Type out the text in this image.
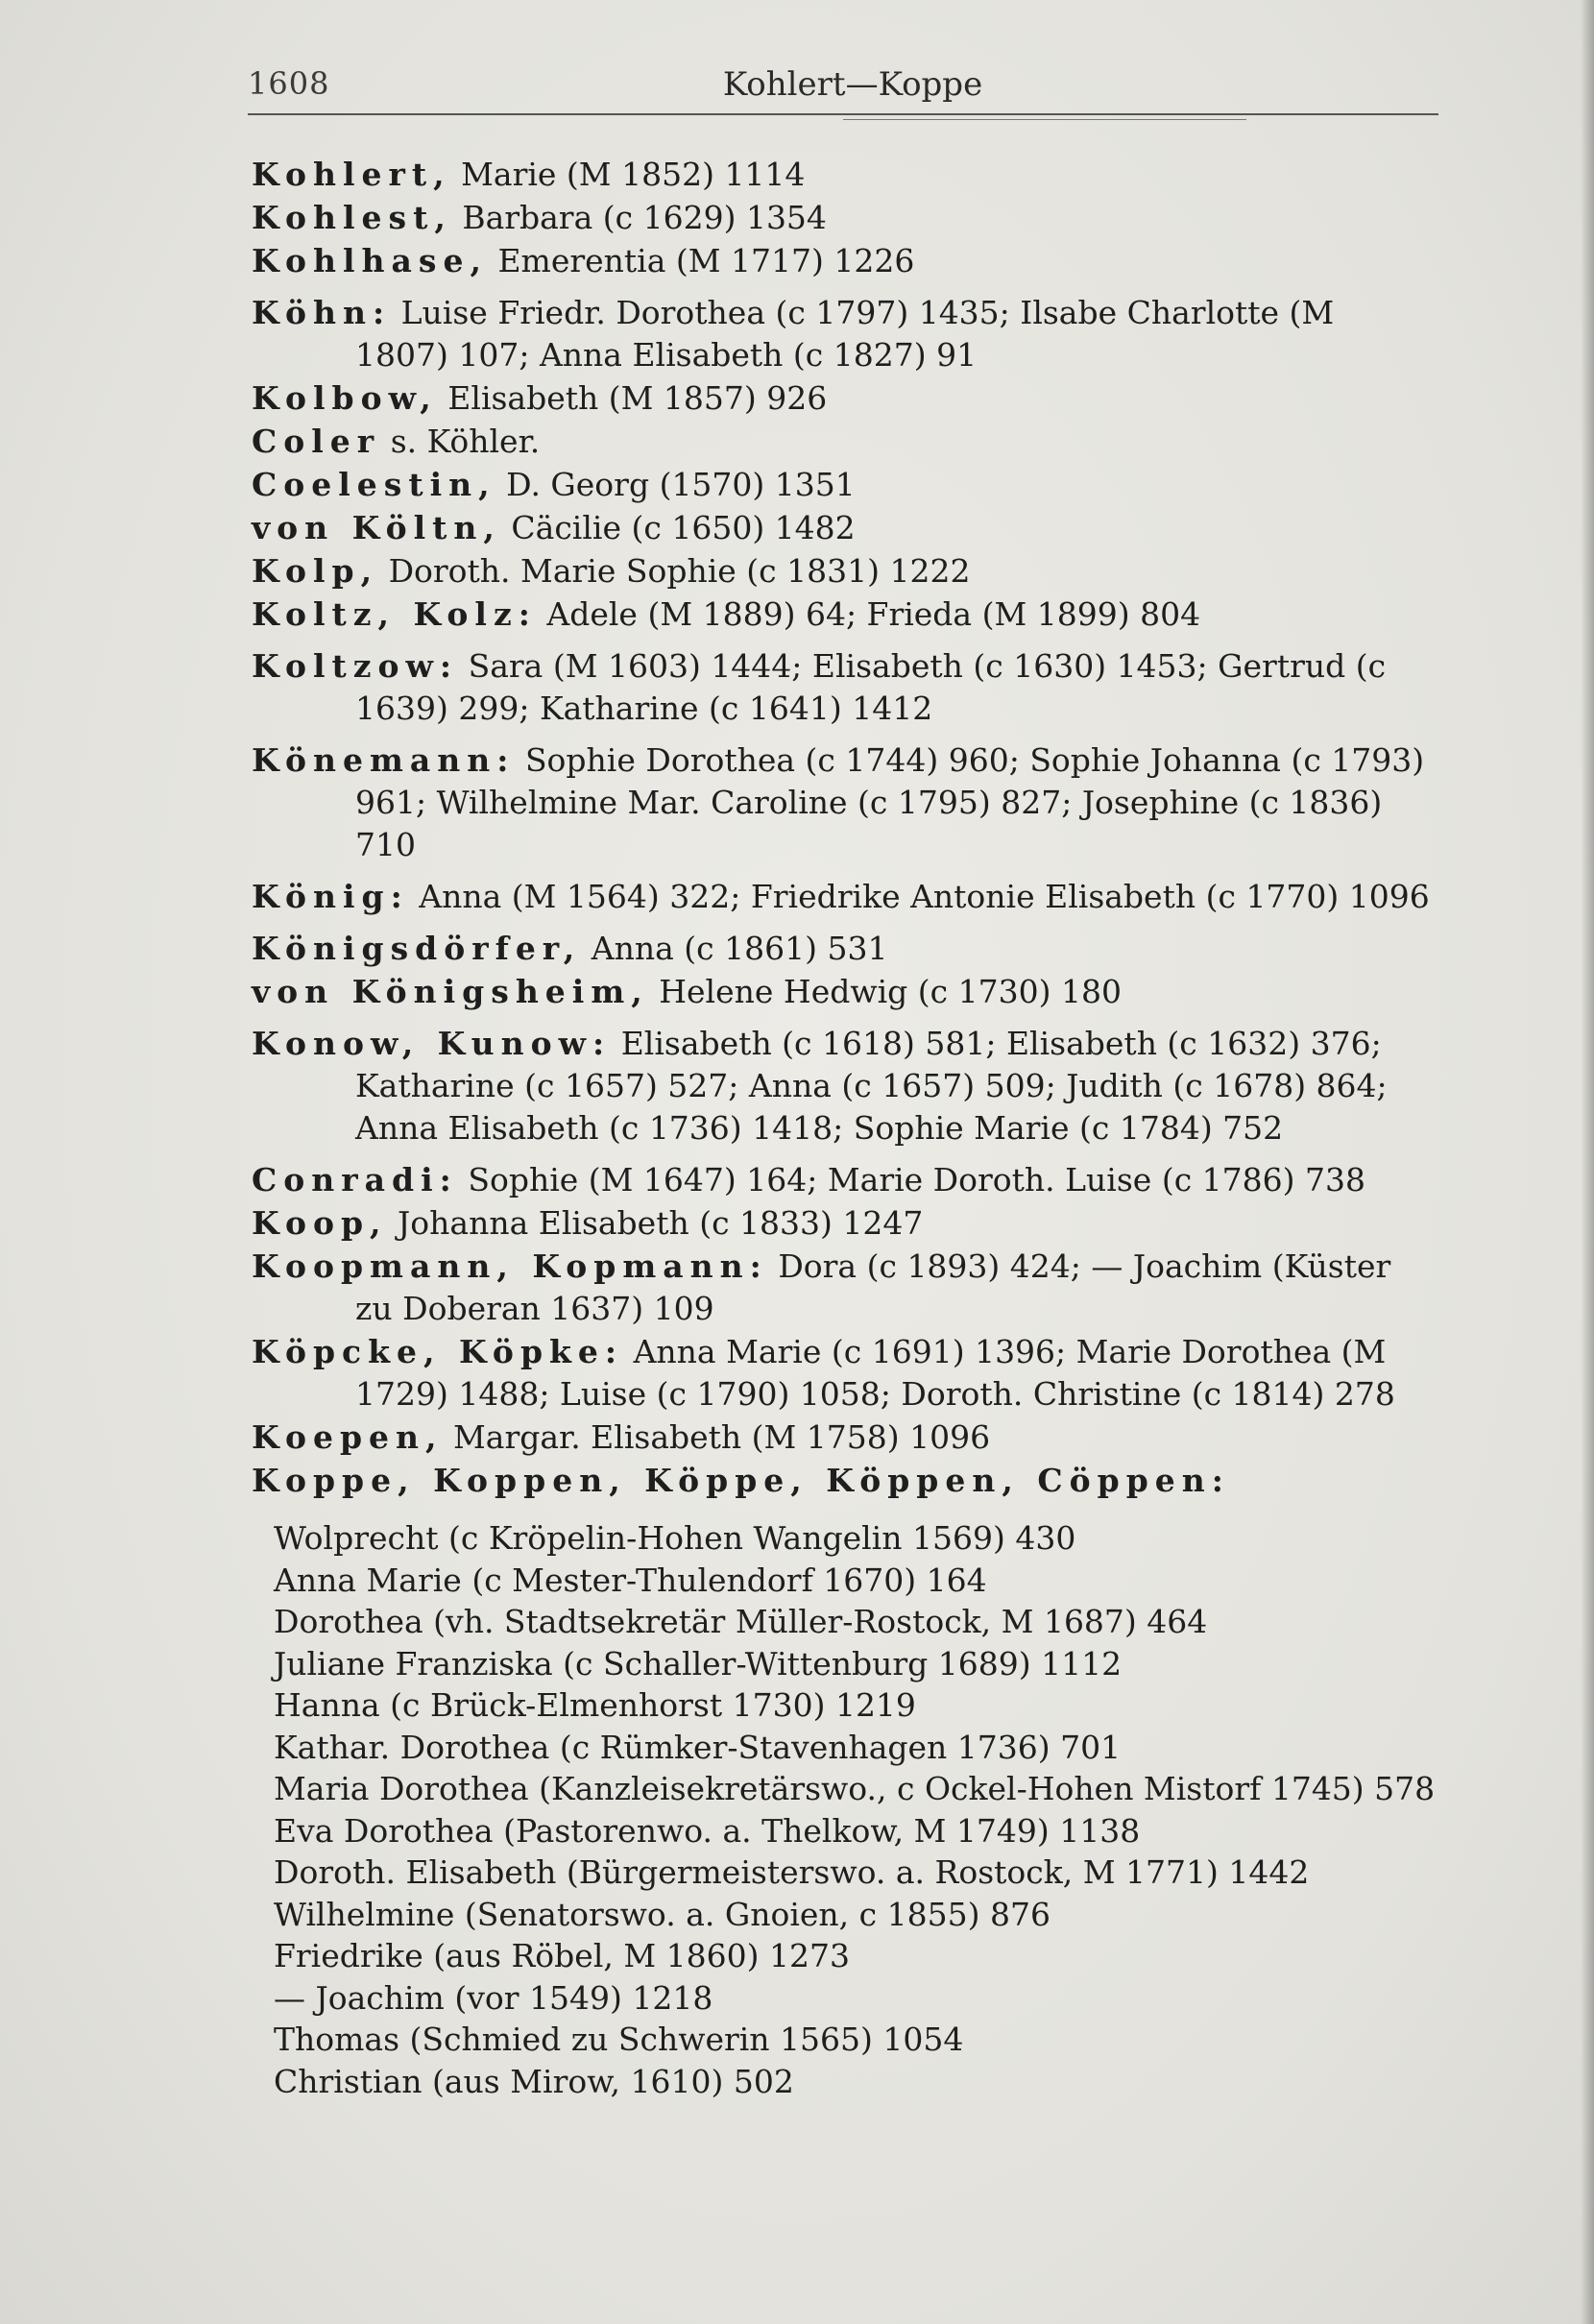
1608	Kohlert—Koppe
Kohlert, Marie (M 1852) 1114
Kohlest, Barbara (c 1629) 1354
Kohlhase, Emerentia (M 1717) 1226
Köhn: Luise Friedr. Dorothea (c 1797) 1435; Ilsabe Charlotte (M 1807) 107; Anna Elisabeth (c 1827) 91
Kolbow, Elisabeth (M 1857) 926
Coler s. Köhler.
Coelestin, D. Georg (1570) 1351
von Költn, Cäcilie (c 1650) 1482
Kolp, Doroth. Marie Sophie (c 1831) 1222
Koltz, Kolz: Adele (M 1889) 64; Frieda (M 1899) 804
Koltzow: Sara (M 1603) 1444; Elisabeth (c 1630) 1453; Gertrud (c 1639) 299; Katharine (c 1641) 1412
Könemann: Sophie Dorothea (c 1744) 960; Sophie Johanna (c 1793) 961; Wilhelmine Mar. Caroline (c 1795) 827; Josephine (c 1836) 710
König: Anna (M 1564) 322; Friedrike Antonie Elisabeth (c 1770) 1096
Königsdörfer, Anna (c 1861) 531
von Königsheim, Helene Hedwig (c 1730) 180
Konow, Kunow: Elisabeth (c 1618) 581; Elisabeth (c 1632) 376; Katharine (c 1657) 527; Anna (c 1657) 509; Judith (c 1678) 864; Anna Elisabeth (c 1736) 1418; Sophie Marie (c 1784) 752
Conradi: Sophie (M 1647) 164; Marie Doroth. Luise (c 1786) 738
Koop, Johanna Elisabeth (c 1833) 1247
Koopmann, Kopmann: Dora (c 1893) 424; — Joachim (Küster zu Doberan 1637) 109
Köpcke, Köpke: Anna Marie (c 1691) 1396; Marie Dorothea (M 1729) 1488; Luise (c 1790) 1058; Doroth. Christine (c 1814) 278
Koepen, Margar. Elisabeth (M 1758) 1096
Koppe, Koppen, Köppe, Köppen, Cöppen:
Wolprecht (c Kröpelin-Hohen Wangelin 1569) 430
Anna Marie (c Mester-Thulendorf 1670) 164
Dorothea (vh. Stadtsekretär Müller-Rostock, M 1687) 464
Juliane Franziska (c Schaller-Wittenburg 1689) 1112
Hanna (c Brück-Elmenhorst 1730) 1219
Kathar. Dorothea (c Rümker-Stavenhagen 1736) 701
Maria Dorothea (Kanzleisekretärswo., c Ockel-Hohen Mistorf 1745) 578
Eva Dorothea (Pastorenwo. a. Thelkow, M 1749) 1138
Doroth. Elisabeth (Bürgermeisterswo. a. Rostock, M 1771) 1442
Wilhelmine (Senatorswo. a. Gnoien, c 1855) 876
Friedrike (aus Röbel, M 1860) 1273
— Joachim (vor 1549) 1218
Thomas (Schmied zu Schwerin 1565) 1054
Christian (aus Mirow, 1610) 502
